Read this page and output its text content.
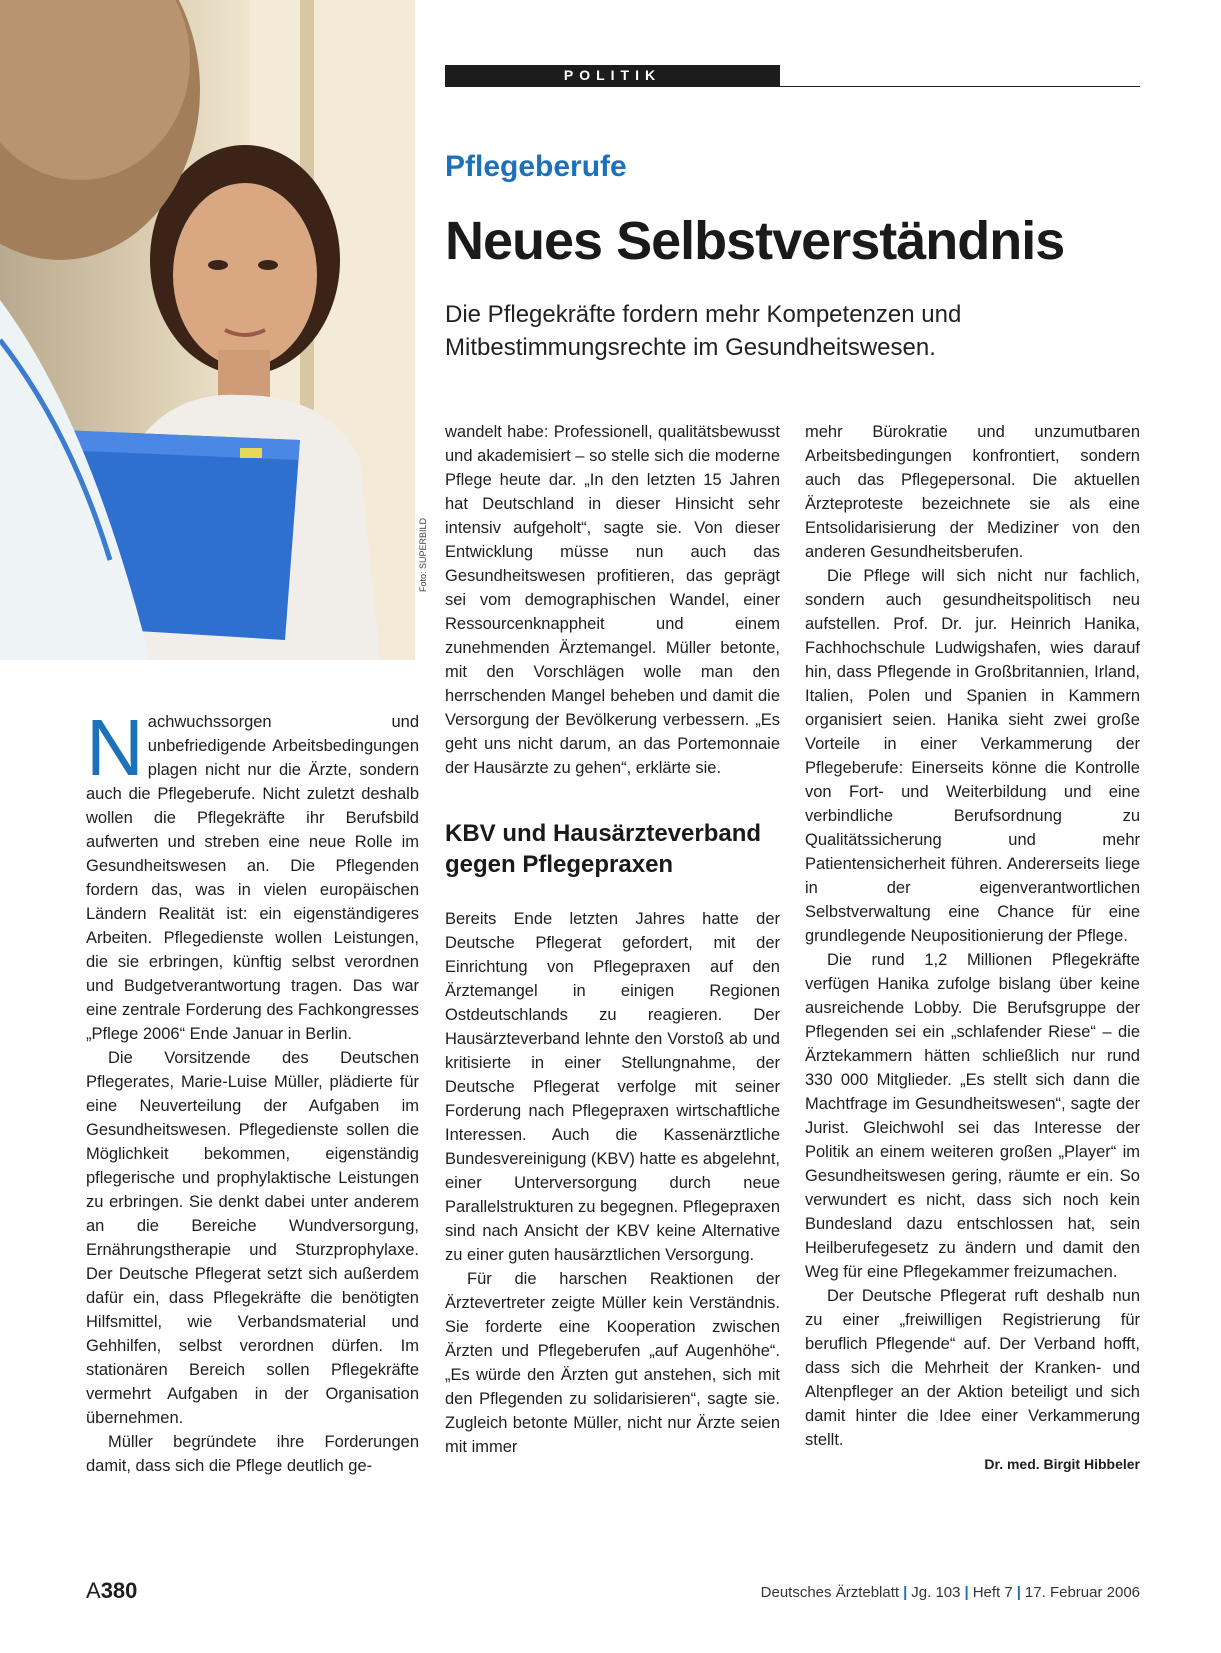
Foto: SUPERBILD
POLITIK
Pflegeberufe
Neues Selbstverständnis
Die Pflegekräfte fordern mehr Kompetenzen und Mitbestimmungsrechte im Gesundheitswesen.

Nachwuchssorgen und unbefriedigende Arbeitsbedingungen plagen nicht nur die Ärzte, sondern auch die Pflegeberufe. Nicht zuletzt deshalb wollen die Pflegekräfte ihr Berufsbild aufwerten und streben eine neue Rolle im Gesundheitswesen an. Die Pflegenden fordern das, was in vielen europäischen Ländern Realität ist: ein eigenständigeres Arbeiten. Pflegedienste wollen Leistungen, die sie erbringen, künftig selbst verordnen und Budgetverantwortung tragen. Das war eine zentrale Forderung des Fachkongresses „Pflege 2006“ Ende Januar in Berlin.

Die Vorsitzende des Deutschen Pflegerates, Marie-Luise Müller, plädierte für eine Neuverteilung der Aufgaben im Gesundheitswesen. Pflegedienste sollen die Möglichkeit bekommen, eigenständig pflegerische und prophylaktische Leistungen zu erbringen. Sie denkt dabei unter anderem an die Bereiche Wundversorgung, Ernährungstherapie und Sturzprophylaxe. Der Deutsche Pflegerat setzt sich außerdem dafür ein, dass Pflegekräfte die benötigten Hilfsmittel, wie Verbandsmaterial und Gehhilfen, selbst verordnen dürfen. Im stationären Bereich sollen Pflegekräfte vermehrt Aufgaben in der Organisation übernehmen.

Müller begründete ihre Forderungen damit, dass sich die Pflege deutlich ge-

wandelt habe: Professionell, qualitätsbewusst und akademisiert – so stelle sich die moderne Pflege heute dar. „In den letzten 15 Jahren hat Deutschland in dieser Hinsicht sehr intensiv aufgeholt“, sagte sie. Von dieser Entwicklung müsse nun auch das Gesundheitswesen profitieren, das geprägt sei vom demographischen Wandel, einer Ressourcenknappheit und einem zunehmenden Ärztemangel. Müller betonte, mit den Vorschlägen wolle man den herrschenden Mangel beheben und damit die Versorgung der Bevölkerung verbessern. „Es geht uns nicht darum, an das Portemonnaie der Hausärzte zu gehen“, erklärte sie.

KBV und Hausärzteverband gegen Pflegepraxen

Bereits Ende letzten Jahres hatte der Deutsche Pflegerat gefordert, mit der Einrichtung von Pflegepraxen auf den Ärztemangel in einigen Regionen Ostdeutschlands zu reagieren. Der Hausärzteverband lehnte den Vorstoß ab und kritisierte in einer Stellungnahme, der Deutsche Pflegerat verfolge mit seiner Forderung nach Pflegepraxen wirtschaftliche Interessen. Auch die Kassenärztliche Bundesvereinigung (KBV) hatte es abgelehnt, einer Unterversorgung durch neue Parallelstrukturen zu begegnen. Pflegepraxen sind nach Ansicht der KBV keine Alternative zu einer guten hausärztlichen Versorgung.

Für die harschen Reaktionen der Ärztevertreter zeigte Müller kein Verständnis. Sie forderte eine Kooperation zwischen Ärzten und Pflegeberufen „auf Augenhöhe“. „Es würde den Ärzten gut anstehen, sich mit den Pflegenden zu solidarisieren“, sagte sie. Zugleich betonte Müller, nicht nur Ärzte seien mit immer

mehr Bürokratie und unzumutbaren Arbeitsbedingungen konfrontiert, sondern auch das Pflegepersonal. Die aktuellen Ärzteproteste bezeichnete sie als eine Entsolidarisierung der Mediziner von den anderen Gesundheitsberufen.

Die Pflege will sich nicht nur fachlich, sondern auch gesundheitspolitisch neu aufstellen. Prof. Dr. jur. Heinrich Hanika, Fachhochschule Ludwigshafen, wies darauf hin, dass Pflegende in Großbritannien, Irland, Italien, Polen und Spanien in Kammern organisiert seien. Hanika sieht zwei große Vorteile in einer Verkammerung der Pflegeberufe: Einerseits könne die Kontrolle von Fort- und Weiterbildung und eine verbindliche Berufsordnung zu Qualitätssicherung und mehr Patientensicherheit führen. Andererseits liege in der eigenverantwortlichen Selbstverwaltung eine Chance für eine grundlegende Neupositionierung der Pflege.

Die rund 1,2 Millionen Pflegekräfte verfügen Hanika zufolge bislang über keine ausreichende Lobby. Die Berufsgruppe der Pflegenden sei ein „schlafender Riese“ – die Ärztekammern hätten schließlich nur rund 330 000 Mitglieder. „Es stellt sich dann die Machtfrage im Gesundheitswesen“, sagte der Jurist. Gleichwohl sei das Interesse der Politik an einem weiteren großen „Player“ im Gesundheitswesen gering, räumte er ein. So verwundert es nicht, dass sich noch kein Bundesland dazu entschlossen hat, sein Heilberufegesetz zu ändern und damit den Weg für eine Pflegekammer freizumachen.

Der Deutsche Pflegerat ruft deshalb nun zu einer „freiwilligen Registrierung für beruflich Pflegende“ auf. Der Verband hofft, dass sich die Mehrheit der Kranken- und Altenpfleger an der Aktion beteiligt und sich damit hinter die Idee einer Verkammerung stellt.

Dr. med. Birgit Hibbeler
A380	Deutsches Ärzteblatt | Jg. 103 | Heft 7 | 17. Februar 2006
